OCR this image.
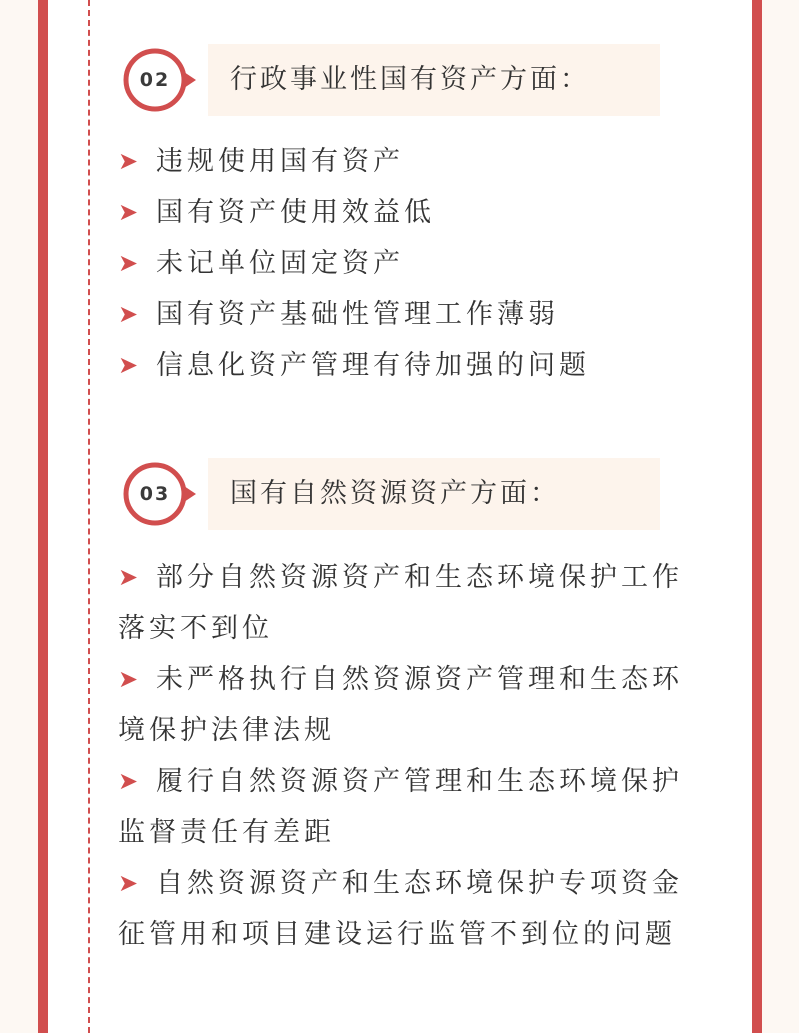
02	行政事业性国有资产方面：
➤ 违规使用国有资产
➤ 国有资产使用效益低
➤ 未记单位固定资产
➤ 国有资产基础性管理工作薄弱
➤ 信息化资产管理有待加强的问题
03	国有自然资源资产方面：
➤ 部分自然资源资产和生态环境保护工作落实不到位
➤ 未严格执行自然资源资产管理和生态环境保护法律法规
➤ 履行自然资源资产管理和生态环境保护监督责任有差距
➤ 自然资源资产和生态环境保护专项资金征管用和项目建设运行监管不到位的问题
